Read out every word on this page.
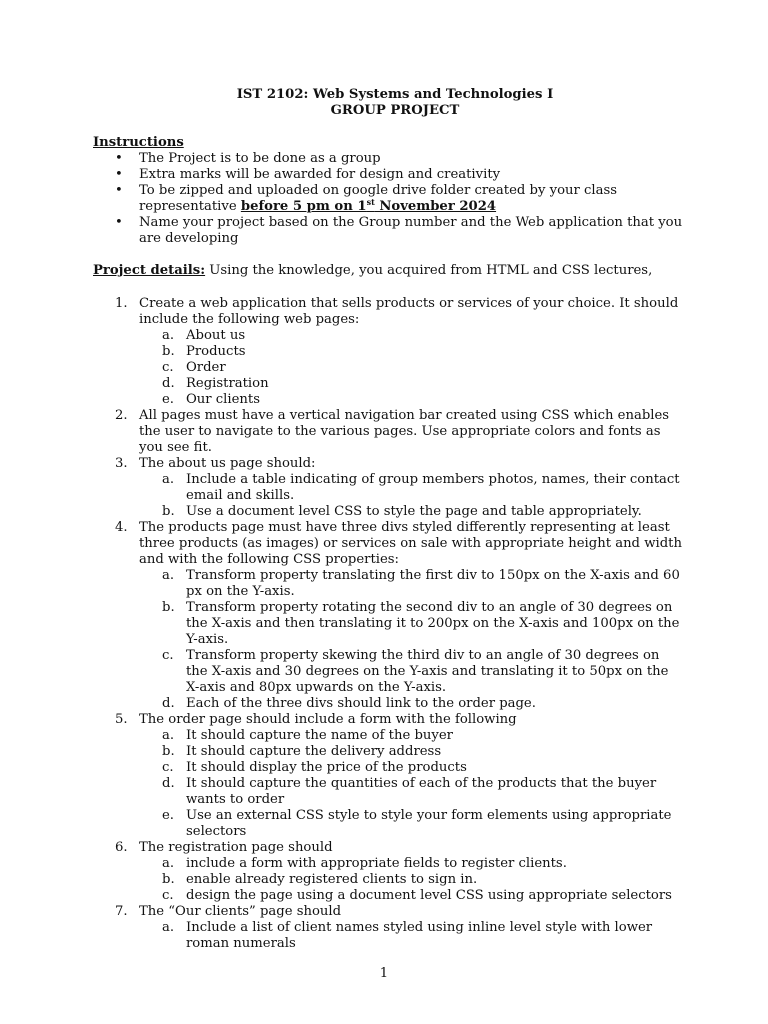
IST 2102: Web Systems and Technologies I
GROUP PROJECT
Instructions
• The Project is to be done as a group
• Extra marks will be awarded for design and creativity
• To be zipped and uploaded on google drive folder created by your class representative before 5 pm on 1st November 2024
• Name your project based on the Group number and the Web application that you are developing
Project details: Using the knowledge, you acquired from HTML and CSS lectures,
1. Create a web application that sells products or services of your choice. It should include the following web pages:
a. About us
b. Products
c. Order
d. Registration
e. Our clients
2. All pages must have a vertical navigation bar created using CSS which enables the user to navigate to the various pages. Use appropriate colors and fonts as you see fit.
3. The about us page should:
a. Include a table indicating of group members photos, names, their contact email and skills.
b. Use a document level CSS to style the page and table appropriately.
4. The products page must have three divs styled differently representing at least three products (as images) or services on sale with appropriate height and width and with the following CSS properties:
a. Transform property translating the first div to 150px on the X-axis and 60 px on the Y-axis.
b. Transform property rotating the second div to an angle of 30 degrees on the X-axis and then translating it to 200px on the X-axis and 100px on the Y-axis.
c. Transform property skewing the third div to an angle of 30 degrees on the X-axis and 30 degrees on the Y-axis and translating it to 50px on the X-axis and 80px upwards on the Y-axis.
d. Each of the three divs should link to the order page.
5. The order page should include a form with the following
a. It should capture the name of the buyer
b. It should capture the delivery address
c. It should display the price of the products
d. It should capture the quantities of each of the products that the buyer wants to order
e. Use an external CSS style to style your form elements using appropriate selectors
6. The registration page should
a. include a form with appropriate fields to register clients.
b. enable already registered clients to sign in.
c. design the page using a document level CSS using appropriate selectors
7. The “Our clients” page should
a. Include a list of client names styled using inline level style with lower roman numerals
1
